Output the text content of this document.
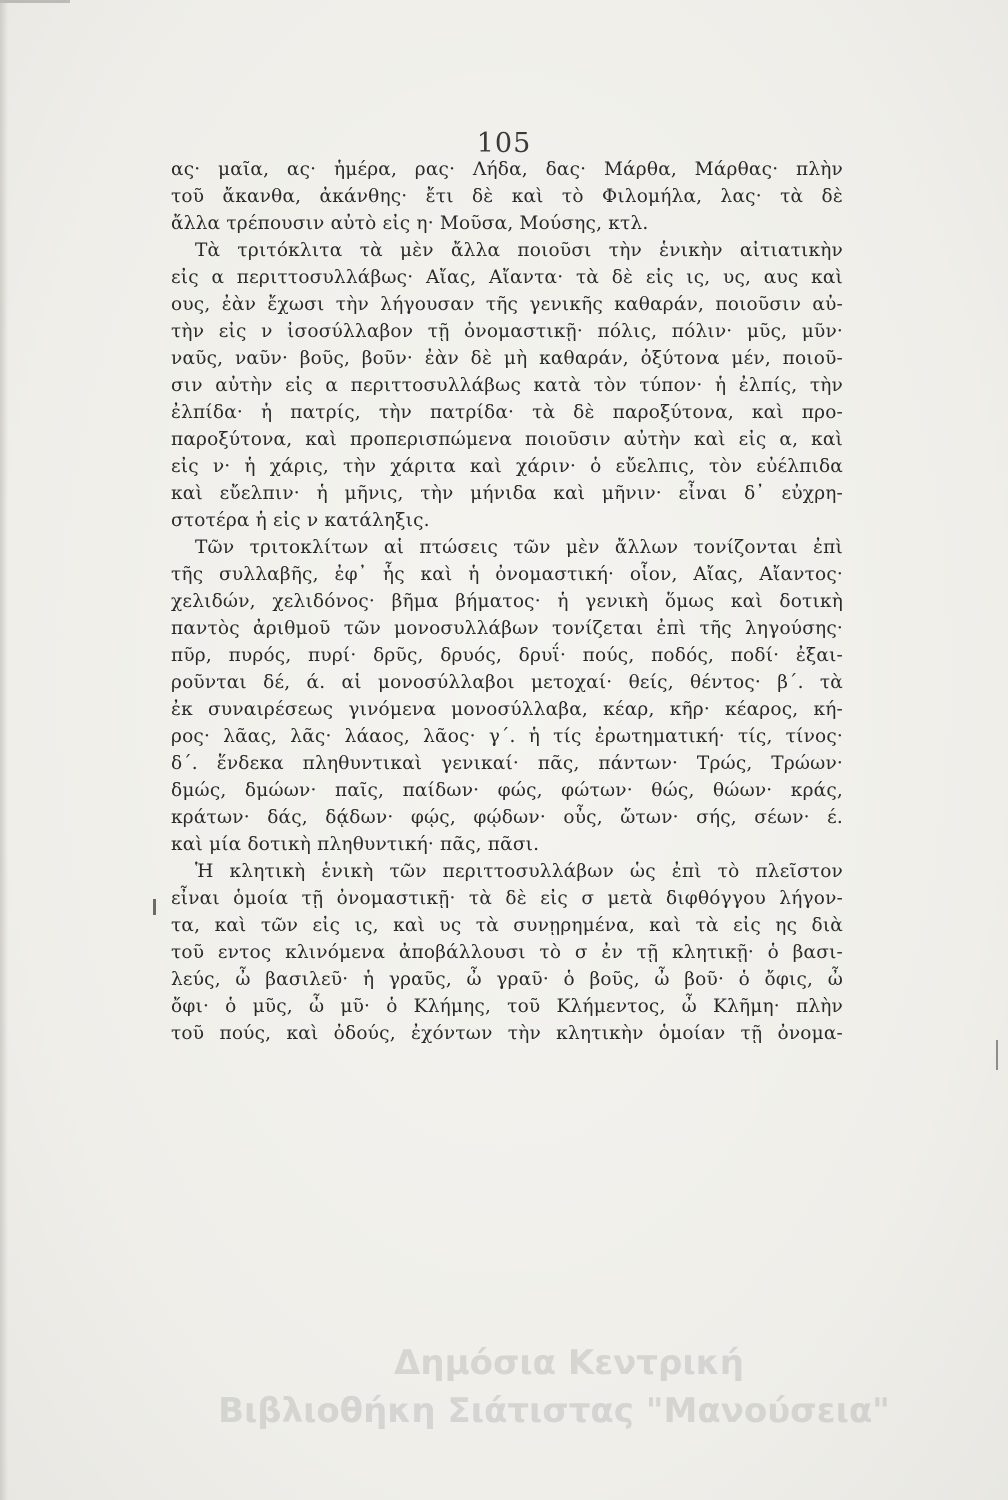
105
ας· μαῖα, ας· ἡμέρα, ρας· Λήδα, δας· Μάρθα, Μάρθας· πλὴν
τοῦ ἄκανθα, ἀκάνθης· ἔτι δὲ καὶ τὸ Φιλομήλα, λας· τὰ δὲ
ἄλλα τρέπουσιν αὐτὸ εἰς η· Μοῦσα, Μούσης, κτλ.
Τὰ τριτόκλιτα τὰ μὲν ἄλλα ποιοῦσι τὴν ἑνικὴν αἰτιατικὴν
εἰς α περιττοσυλλάβως· Αἴας, Αἴαντα· τὰ δὲ εἰς ις, υς, αυς καὶ
ους, ἐὰν ἔχωσι τὴν λήγουσαν τῆς γενικῆς καθαράν, ποιοῦσιν αὐ-
τὴν εἰς ν ἰσοσύλλαβον τῇ ὀνομαστικῇ· πόλις, πόλιν· μῦς, μῦν·
ναῦς, ναῦν· βοῦς, βοῦν· ἐὰν δὲ μὴ καθαράν, ὀξύτονα μέν, ποιοῦ-
σιν αὐτὴν εἰς α περιττοσυλλάβως κατὰ τὸν τύπον· ἡ ἐλπίς, τὴν
ἐλπίδα· ἡ πατρίς, τὴν πατρίδα· τὰ δὲ παροξύτονα, καὶ προ-
παροξύτονα, καὶ προπερισπώμενα ποιοῦσιν αὐτὴν καὶ εἰς α, καὶ
εἰς ν· ἡ χάρις, τὴν χάριτα καὶ χάριν· ὁ εὔελπις, τὸν εὐέλπιδα
καὶ εὔελπιν· ἡ μῆνις, τὴν μήνιδα καὶ μῆνιν· εἶναι δ᾿ εὐχρη-
στοτέρα ἡ εἰς ν κατάληξις.
Τῶν τριτοκλίτων αἱ πτώσεις τῶν μὲν ἄλλων τονίζονται ἐπὶ
τῆς συλλαβῆς, ἐφ᾿ ἧς καὶ ἡ ὀνομαστική· οἷον, Αἴας, Αἴαντος·
χελιδών, χελιδόνος· βῆμα βήματος· ἡ γενικὴ ὅμως καὶ δοτικὴ
παντὸς ἀριθμοῦ τῶν μονοσυλλάβων τονίζεται ἐπὶ τῆς ληγούσης·
πῦρ, πυρός, πυρί· δρῦς, δρυός, δρυΐ· πούς, ποδός, ποδί· ἐξαι-
ροῦνται δέ, ά. αἱ μονοσύλλαβοι μετοχαί· θείς, θέντος· β΄. τὰ
ἐκ συναιρέσεως γινόμενα μονοσύλλαβα, κέαρ, κῆρ· κέαρος, κή-
ρος· λᾶας, λᾶς· λάαος, λᾶος· γ΄. ἡ τίς ἐρωτηματική· τίς, τίνος·
δ΄. ἕνδεκα πληθυντικαὶ γενικαί· πᾶς, πάντων· Τρώς, Τρώων·
δμώς, δμώων· παῖς, παίδων· φώς, φώτων· θώς, θώων· κράς,
κράτων· δάς, δᾴδων· φῴς, φῴδων· οὖς, ὤτων· σής, σέων· έ.
καὶ μία δοτικὴ πληθυντική· πᾶς, πᾶσι.
Ἡ κλητικὴ ἑνικὴ τῶν περιττοσυλλάβων ὡς ἐπὶ τὸ πλεῖστον
εἶναι ὁμοία τῇ ὀνομαστικῇ· τὰ δὲ εἰς σ μετὰ διφθόγγου λήγον-
τα, καὶ τῶν εἰς ις, καὶ υς τὰ συνῃρημένα, καὶ τὰ εἰς ης διὰ
τοῦ εντος κλινόμενα ἀποβάλλουσι τὸ σ ἐν τῇ κλητικῇ· ὁ βασι-
λεύς, ὦ βασιλεῦ· ἡ γραῦς, ὦ γραῦ· ὁ βοῦς, ὦ βοῦ· ὁ ὄφις, ὦ
ὄφι· ὁ μῦς, ὦ μῦ· ὁ Κλήμης, τοῦ Κλήμεντος, ὦ Κλῆμη· πλὴν
τοῦ πούς, καὶ ὀδούς, ἐχόντων τὴν κλητικὴν ὁμοίαν τῇ ὀνομα-
Δημόσια Κεντρική
Βιβλιοθήκη Σιάτιστας "Μανούσεια"
